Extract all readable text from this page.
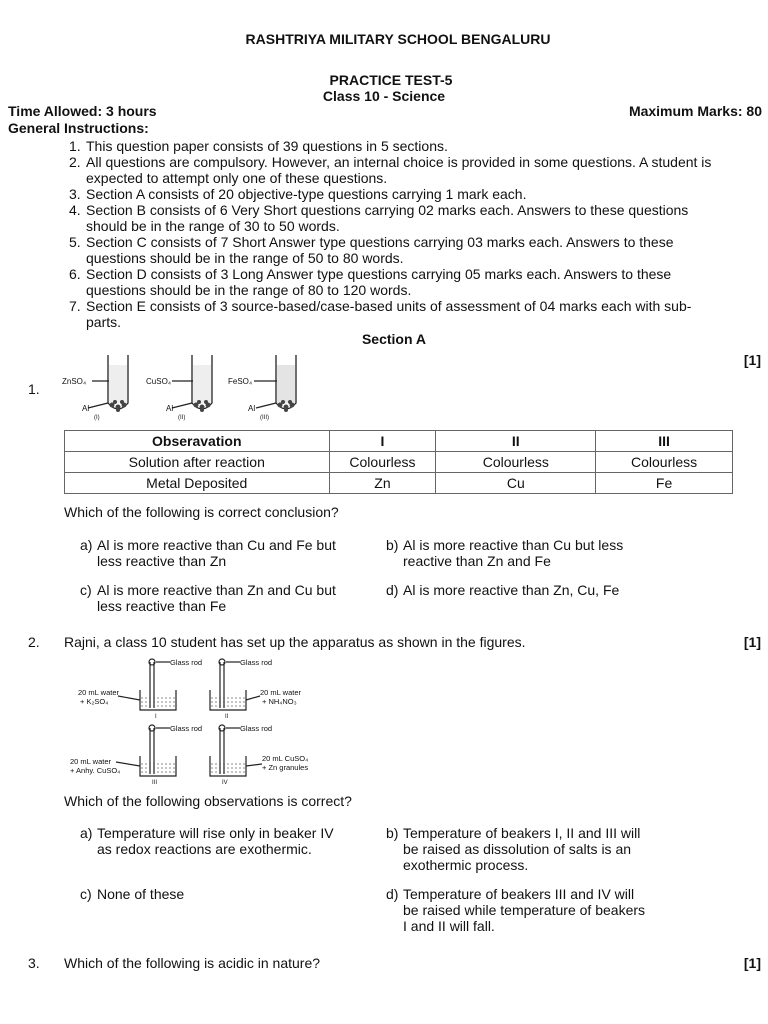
RASHTRIYA MILITARY SCHOOL BENGALURU
PRACTICE TEST-5
Class 10 - Science
Time Allowed: 3 hours	Maximum Marks: 80
General Instructions:
1. This question paper consists of 39 questions in 5 sections.
2. All questions are compulsory. However, an internal choice is provided in some questions. A student is
expected to attempt only one of these questions.
3. Section A consists of 20 objective-type questions carrying 1 mark each.
4. Section B consists of 6 Very Short questions carrying 02 marks each. Answers to these questions
should be in the range of 30 to 50 words.
5. Section C consists of 7 Short Answer type questions carrying 03 marks each. Answers to these
questions should be in the range of 50 to 80 words.
6. Section D consists of 3 Long Answer type questions carrying 05 marks each. Answers to these
questions should be in the range of 80 to 120 words.
7. Section E consists of 3 source-based/case-based units of assessment of 04 marks each with sub-
parts.
Section A
1.
[1]
ZnSO₄	CuSO₄	FeSO₄
Al	Al	Al
(I)	(II)	(III)
Obseravation	I	II	III
Solution after reaction	Colourless	Colourless	Colourless
Metal Deposited	Zn	Cu	Fe
Which of the following is correct conclusion?
a) Al is more reactive than Cu and Fe but
less reactive than Zn
b) Al is more reactive than Cu but less
reactive than Zn and Fe
c) Al is more reactive than Zn and Cu but
less reactive than Fe
d) Al is more reactive than Zn, Cu, Fe
2. Rajni, a class 10 student has set up the apparatus as shown in the figures.	[1]
Glass rod	Glass rod
Glass rod	Glass rod
20 mL water
+ K₂SO₄
20 mL water
+ NH₄NO₃
20 mL water
+ Anhy. CuSO₄
20 mL CuSO₄
+ Zn granules
I	II
III	IV
Which of the following observations is correct?
a) Temperature will rise only in beaker IV
as redox reactions are exothermic.
b) Temperature of beakers I, II and III will
be raised as dissolution of salts is an
exothermic process.
c) None of these	d) Temperature of beakers III and IV will
be raised while temperature of beakers
I and II will fall.
3. Which of the following is acidic in nature?	[1]
